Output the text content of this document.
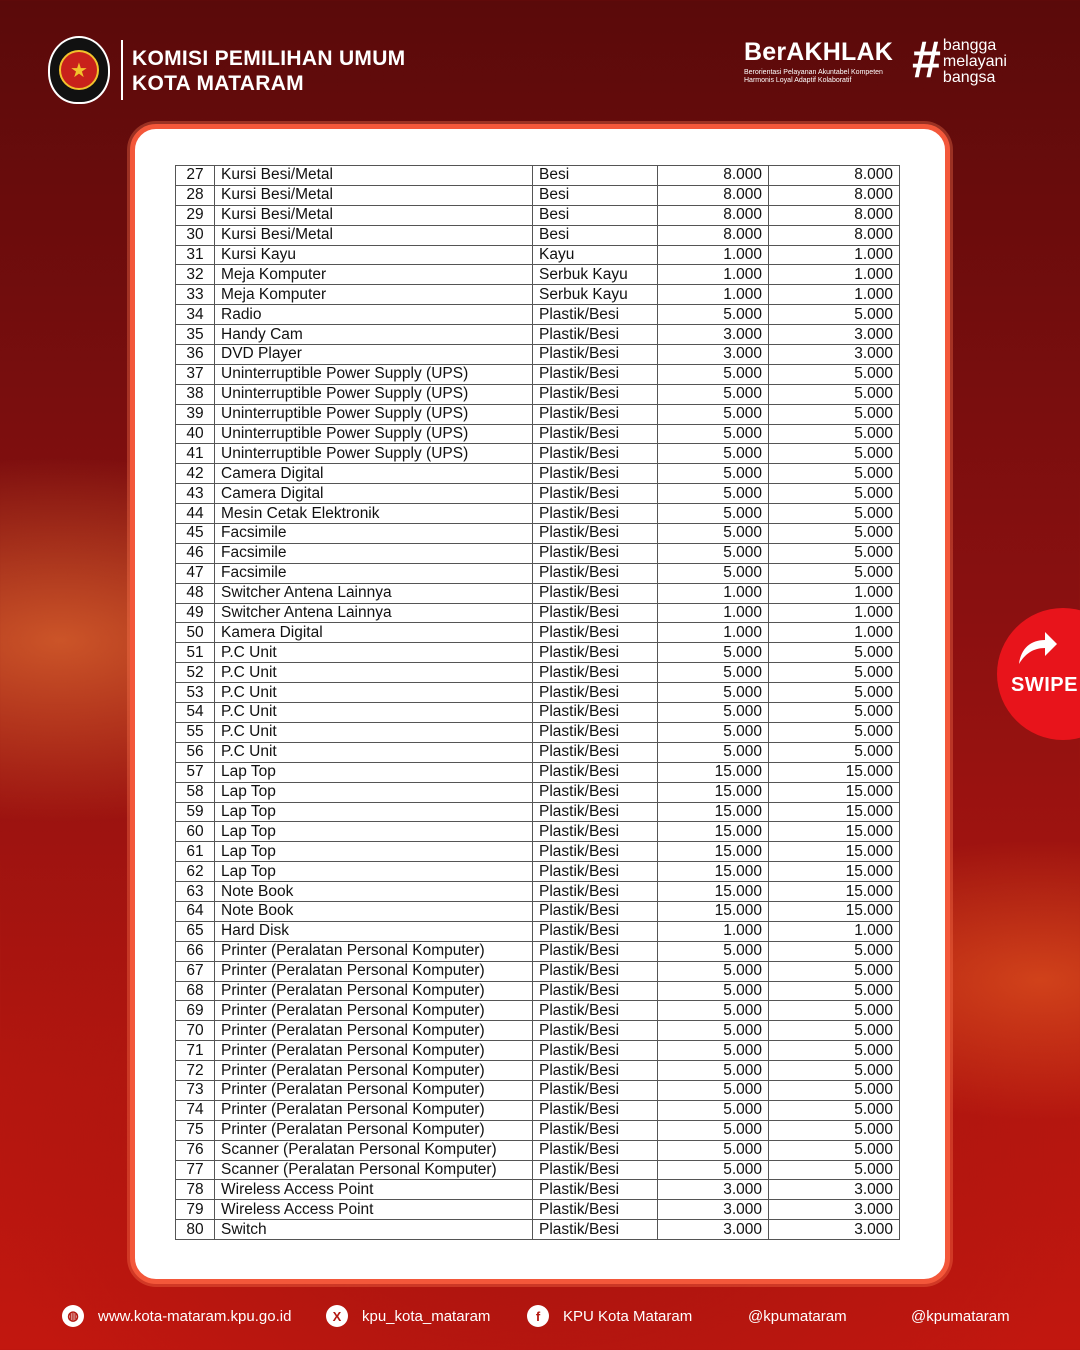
★
KOMISI PEMILIHAN UMUM
KOTA MATARAM
BerAKHLAK
Berorientasi Pelayanan Akuntabel Kompeten
Harmonis Loyal Adaptif Kolaboratif	# bangga
melayani
bangsa
27	Kursi Besi/Metal	Besi	8.000	8.000
28	Kursi Besi/Metal	Besi	8.000	8.000
29	Kursi Besi/Metal	Besi	8.000	8.000
30	Kursi Besi/Metal	Besi	8.000	8.000
31	Kursi Kayu	Kayu	1.000	1.000
32	Meja Komputer	Serbuk Kayu	1.000	1.000
33	Meja Komputer	Serbuk Kayu	1.000	1.000
34	Radio	Plastik/Besi	5.000	5.000
35	Handy Cam	Plastik/Besi	3.000	3.000
36	DVD Player	Plastik/Besi	3.000	3.000
37	Uninterruptible Power Supply (UPS)	Plastik/Besi	5.000	5.000
38	Uninterruptible Power Supply (UPS)	Plastik/Besi	5.000	5.000
39	Uninterruptible Power Supply (UPS)	Plastik/Besi	5.000	5.000
40	Uninterruptible Power Supply (UPS)	Plastik/Besi	5.000	5.000
41	Uninterruptible Power Supply (UPS)	Plastik/Besi	5.000	5.000
42	Camera Digital	Plastik/Besi	5.000	5.000
43	Camera Digital	Plastik/Besi	5.000	5.000
44	Mesin Cetak Elektronik	Plastik/Besi	5.000	5.000
45	Facsimile	Plastik/Besi	5.000	5.000
46	Facsimile	Plastik/Besi	5.000	5.000
47	Facsimile	Plastik/Besi	5.000	5.000
48	Switcher Antena Lainnya	Plastik/Besi	1.000	1.000
49	Switcher Antena Lainnya	Plastik/Besi	1.000	1.000
50	Kamera Digital	Plastik/Besi	1.000	1.000
51	P.C Unit	Plastik/Besi	5.000	5.000
52	P.C Unit	Plastik/Besi	5.000	5.000
53	P.C Unit	Plastik/Besi	5.000	5.000
54	P.C Unit	Plastik/Besi	5.000	5.000
55	P.C Unit	Plastik/Besi	5.000	5.000
56	P.C Unit	Plastik/Besi	5.000	5.000
57	Lap Top	Plastik/Besi	15.000	15.000
58	Lap Top	Plastik/Besi	15.000	15.000
59	Lap Top	Plastik/Besi	15.000	15.000
60	Lap Top	Plastik/Besi	15.000	15.000
61	Lap Top	Plastik/Besi	15.000	15.000
62	Lap Top	Plastik/Besi	15.000	15.000
63	Note Book	Plastik/Besi	15.000	15.000
64	Note Book	Plastik/Besi	15.000	15.000
65	Hard Disk	Plastik/Besi	1.000	1.000
66	Printer (Peralatan Personal Komputer)	Plastik/Besi	5.000	5.000
67	Printer (Peralatan Personal Komputer)	Plastik/Besi	5.000	5.000
68	Printer (Peralatan Personal Komputer)	Plastik/Besi	5.000	5.000
69	Printer (Peralatan Personal Komputer)	Plastik/Besi	5.000	5.000
70	Printer (Peralatan Personal Komputer)	Plastik/Besi	5.000	5.000
71	Printer (Peralatan Personal Komputer)	Plastik/Besi	5.000	5.000
72	Printer (Peralatan Personal Komputer)	Plastik/Besi	5.000	5.000
73	Printer (Peralatan Personal Komputer)	Plastik/Besi	5.000	5.000
74	Printer (Peralatan Personal Komputer)	Plastik/Besi	5.000	5.000
75	Printer (Peralatan Personal Komputer)	Plastik/Besi	5.000	5.000
76	Scanner (Peralatan Personal Komputer)	Plastik/Besi	5.000	5.000
77	Scanner (Peralatan Personal Komputer)	Plastik/Besi	5.000	5.000
78	Wireless Access Point	Plastik/Besi	3.000	3.000
79	Wireless Access Point	Plastik/Besi	3.000	3.000
80	Switch	Plastik/Besi	3.000	3.000
SWIPE
◍	www.kota-mataram.kpu.go.id	X	kpu_kota_mataram	f	KPU Kota Mataram	@kpumataram	@kpumataram
